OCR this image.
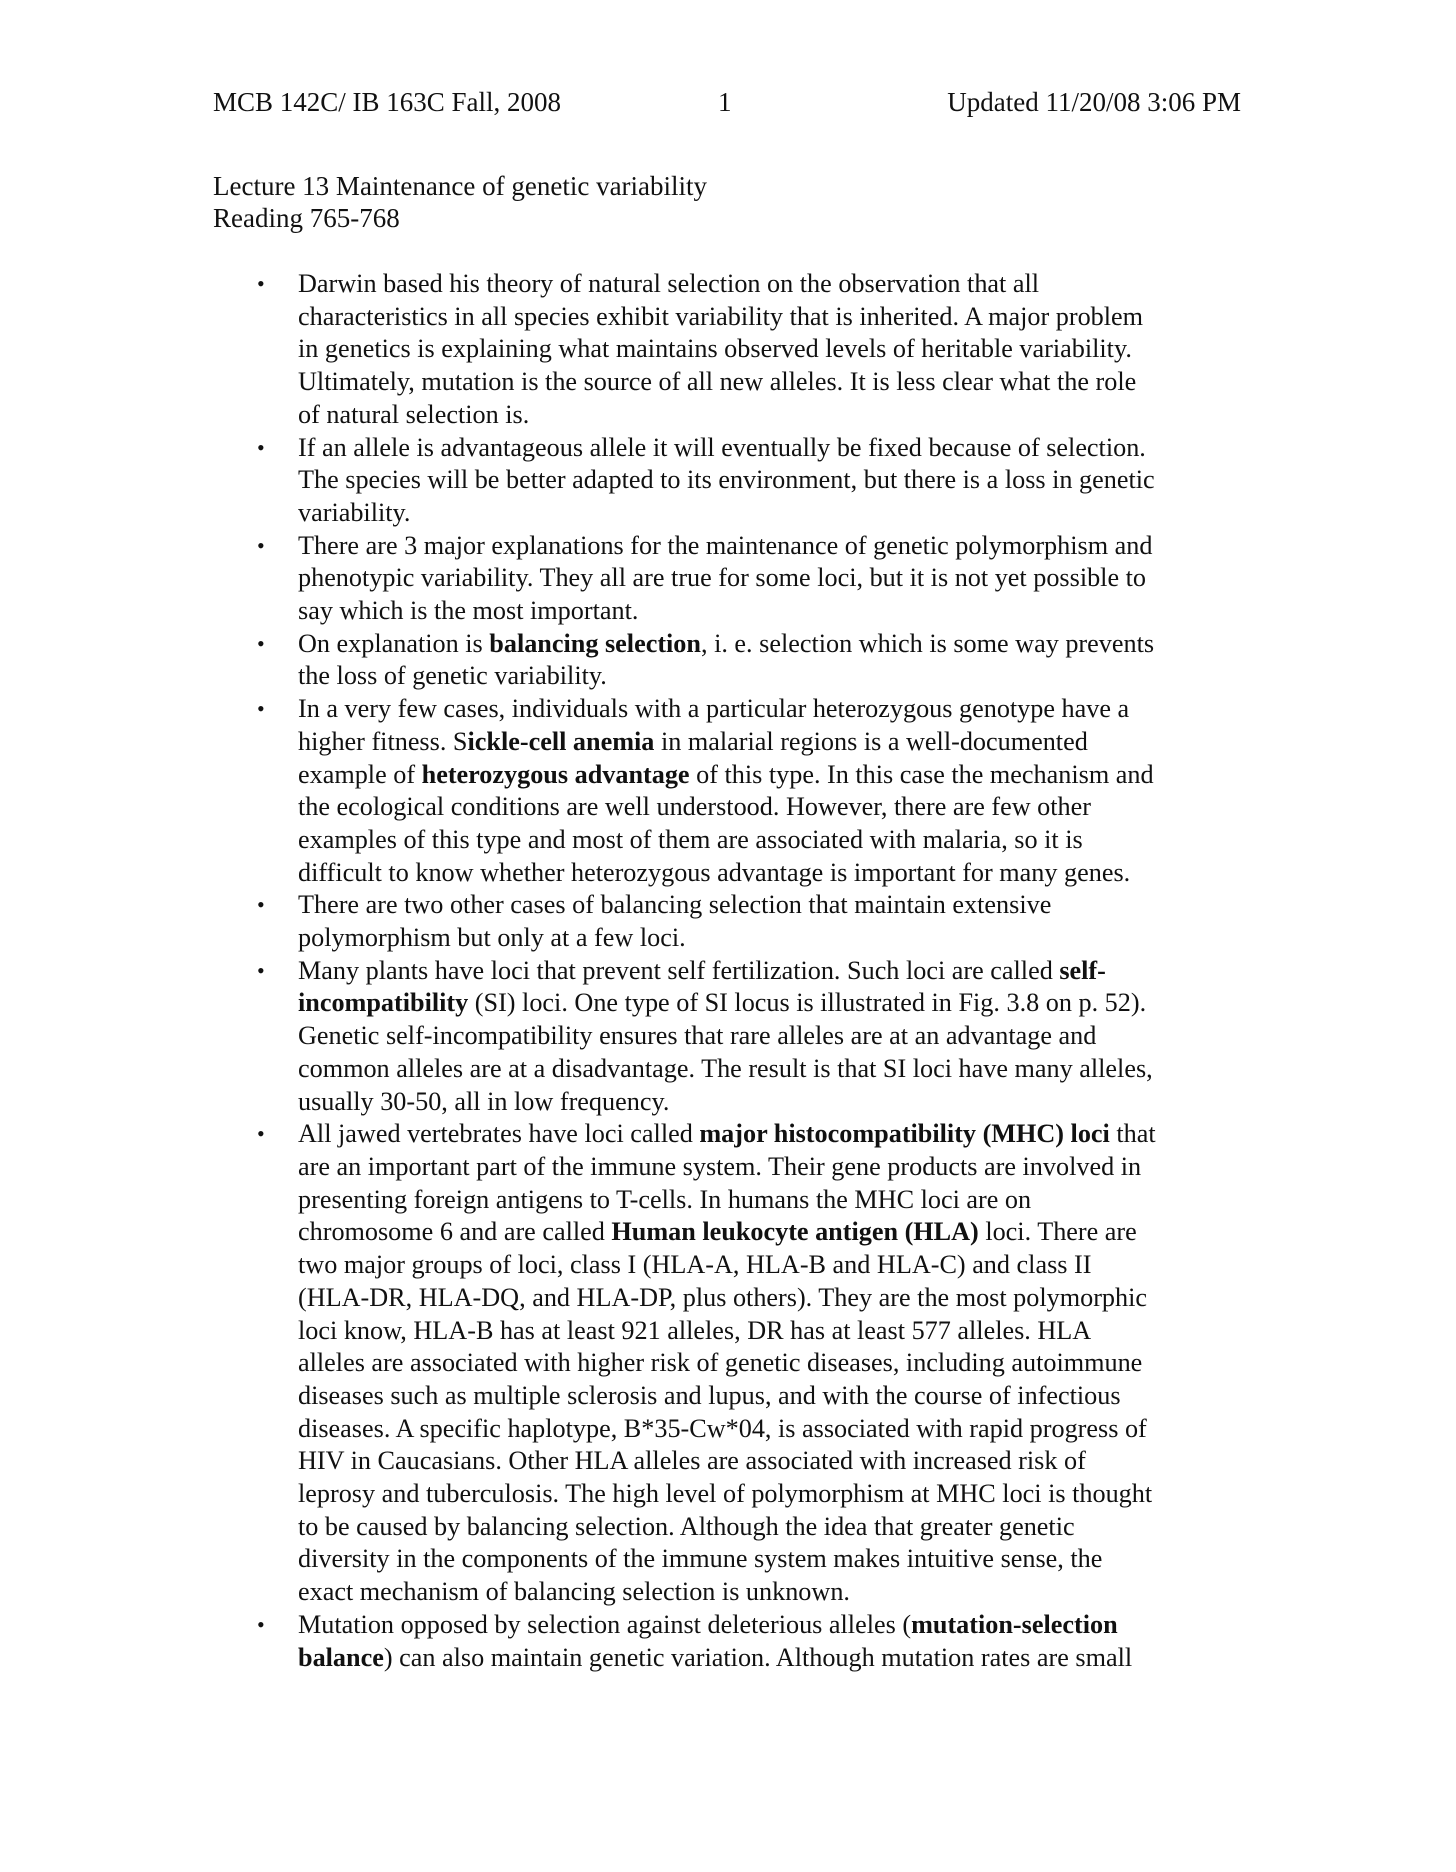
MCB 142C/ IB 163C Fall, 2008	1	Updated 11/20/08 3:06 PM
Lecture 13 Maintenance of genetic variability
Reading 765-768
• Darwin based his theory of natural selection on the observation that all
characteristics in all species exhibit variability that is inherited. A major problem
in genetics is explaining what maintains observed levels of heritable variability.
Ultimately, mutation is the source of all new alleles. It is less clear what the role
of natural selection is.
• If an allele is advantageous allele it will eventually be fixed because of selection.
The species will be better adapted to its environment, but there is a loss in genetic
variability.
• There are 3 major explanations for the maintenance of genetic polymorphism and
phenotypic variability. They all are true for some loci, but it is not yet possible to
say which is the most important.
• On explanation is balancing selection, i. e. selection which is some way prevents
the loss of genetic variability.
• In a very few cases, individuals with a particular heterozygous genotype have a
higher fitness. Sickle-cell anemia in malarial regions is a well-documented
example of heterozygous advantage of this type. In this case the mechanism and
the ecological conditions are well understood. However, there are few other
examples of this type and most of them are associated with malaria, so it is
difficult to know whether heterozygous advantage is important for many genes.
• There are two other cases of balancing selection that maintain extensive
polymorphism but only at a few loci.
• Many plants have loci that prevent self fertilization. Such loci are called self-
incompatibility (SI) loci. One type of SI locus is illustrated in Fig. 3.8 on p. 52).
Genetic self-incompatibility ensures that rare alleles are at an advantage and
common alleles are at a disadvantage. The result is that SI loci have many alleles,
usually 30-50, all in low frequency.
• All jawed vertebrates have loci called major histocompatibility (MHC) loci that
are an important part of the immune system. Their gene products are involved in
presenting foreign antigens to T-cells. In humans the MHC loci are on
chromosome 6 and are called Human leukocyte antigen (HLA) loci. There are
two major groups of loci, class I (HLA-A, HLA-B and HLA-C) and class II
(HLA-DR, HLA-DQ, and HLA-DP, plus others). They are the most polymorphic
loci know, HLA-B has at least 921 alleles, DR has at least 577 alleles. HLA
alleles are associated with higher risk of genetic diseases, including autoimmune
diseases such as multiple sclerosis and lupus, and with the course of infectious
diseases. A specific haplotype, B*35-Cw*04, is associated with rapid progress of
HIV in Caucasians. Other HLA alleles are associated with increased risk of
leprosy and tuberculosis. The high level of polymorphism at MHC loci is thought
to be caused by balancing selection. Although the idea that greater genetic
diversity in the components of the immune system makes intuitive sense, the
exact mechanism of balancing selection is unknown.
• Mutation opposed by selection against deleterious alleles (mutation-selection
balance) can also maintain genetic variation. Although mutation rates are small
